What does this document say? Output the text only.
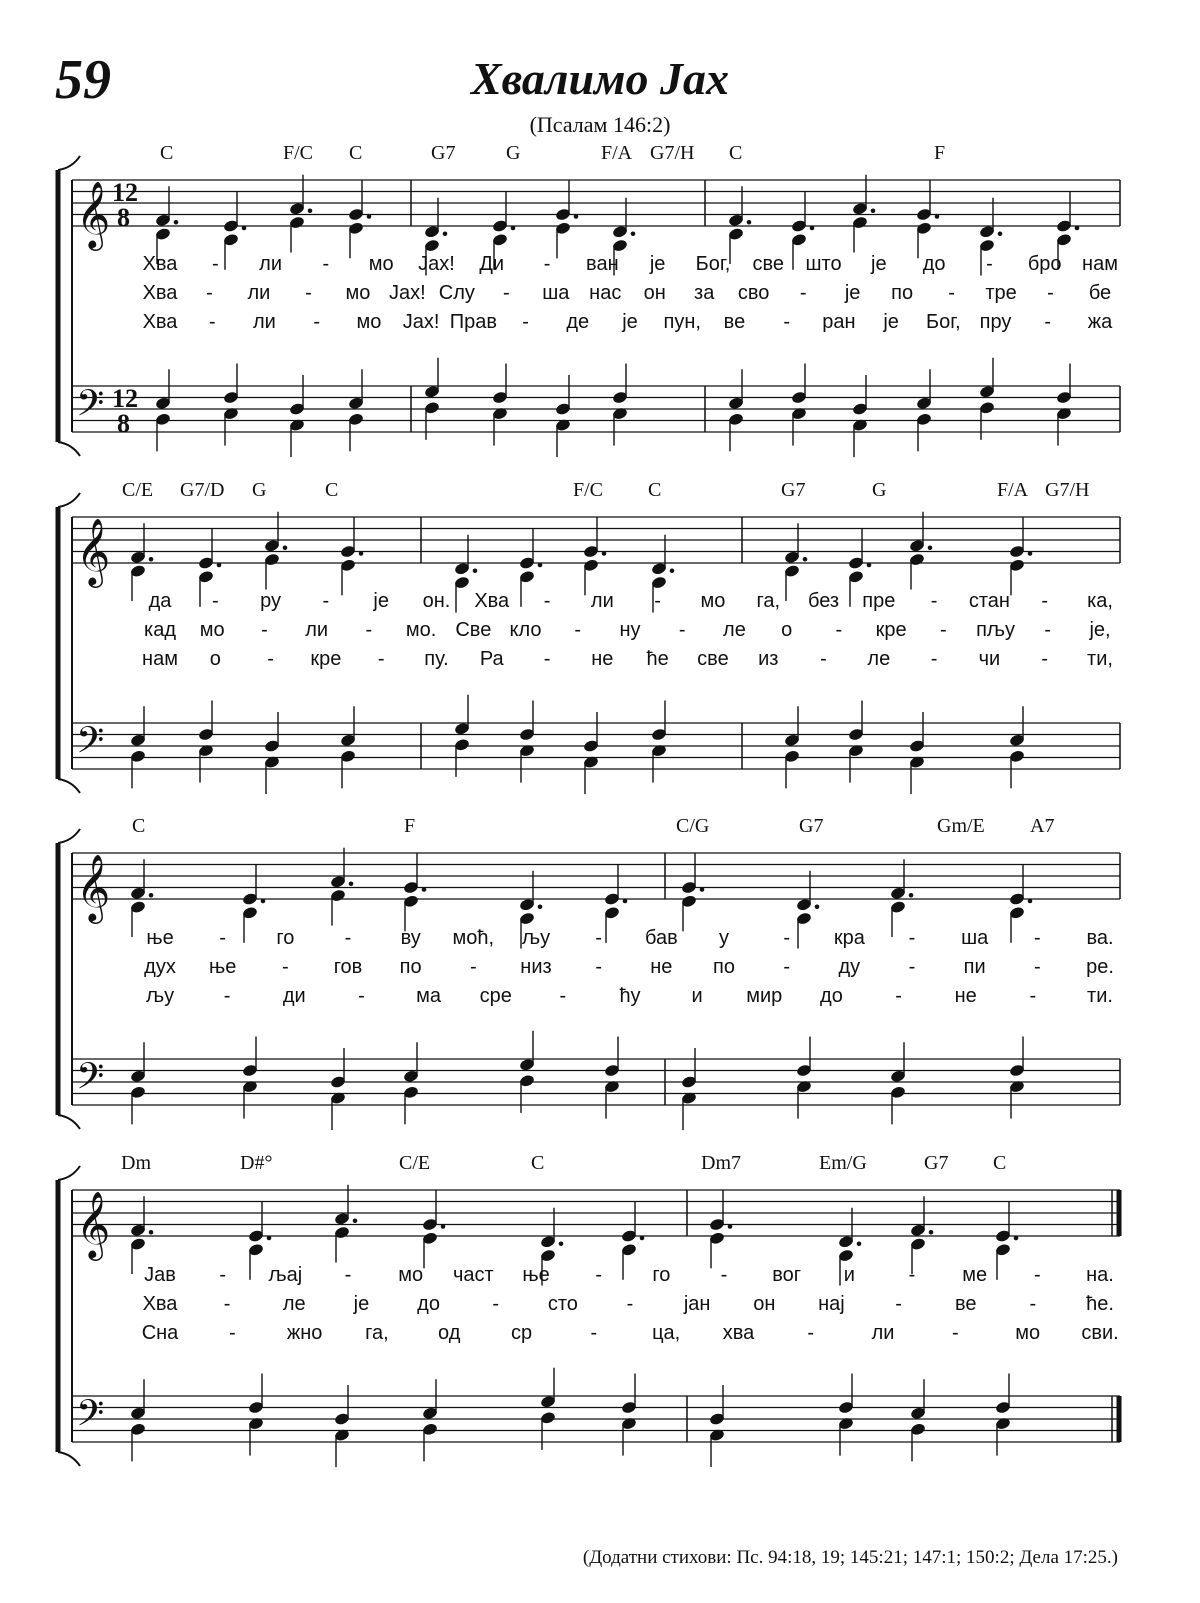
59	Хвалимо Јах
(Псалам 146:2)
𝄞
𝄢
12
8
12
8
𝄞
𝄢
𝄞
𝄢
𝄞
𝄢
(Додатни стихови: Пс. 94:18, 19; 145:21; 147:1; 150:2; Дела 17:25.)
C	F/C C	G7	G	F/A G7/H C	F
Хва - ли - мо Јах! Ди - ван је Бог, све што је до - бро нам
Хва - ли - мо Јах! Слу - ша нас он за сво - је по - тре - бе
Хва - ли - мо Јах! Прав - де је пун, ве - ран је Бог, пру - жа
C/E G7/D G	C	F/C C	G7	G	F/A G7/H
да - ру - је он. Хва - ли - мо га, без пре - стан - ка,
кад мо - ли - мо. Све кло - ну - ле о - кре - пљу - је,
нам о - кре - пу. Ра - не ће све из - ле - чи - ти,
C	F	C/G	G7	Gm/E A7
ње -	го	- ву моћ, љу - бав у	- кра - ша - ва.
дух ње - гов по - низ - не по - ду - пи - ре.
љу -	ди	-	ма сре -	ћу	и мир до	-	не	-	ти.
Dm	D#°	C/E	C	Dm7	Em/G	G7 C
Јав - љај - мо част ње -	го	- вог и	- ме - на.
Хва -	ле је до	- сто -	јан он нај	-	ве	- ће.
Сна	-	жно га, од	ср	-	ца, хва	-	ли	-	мо сви.
